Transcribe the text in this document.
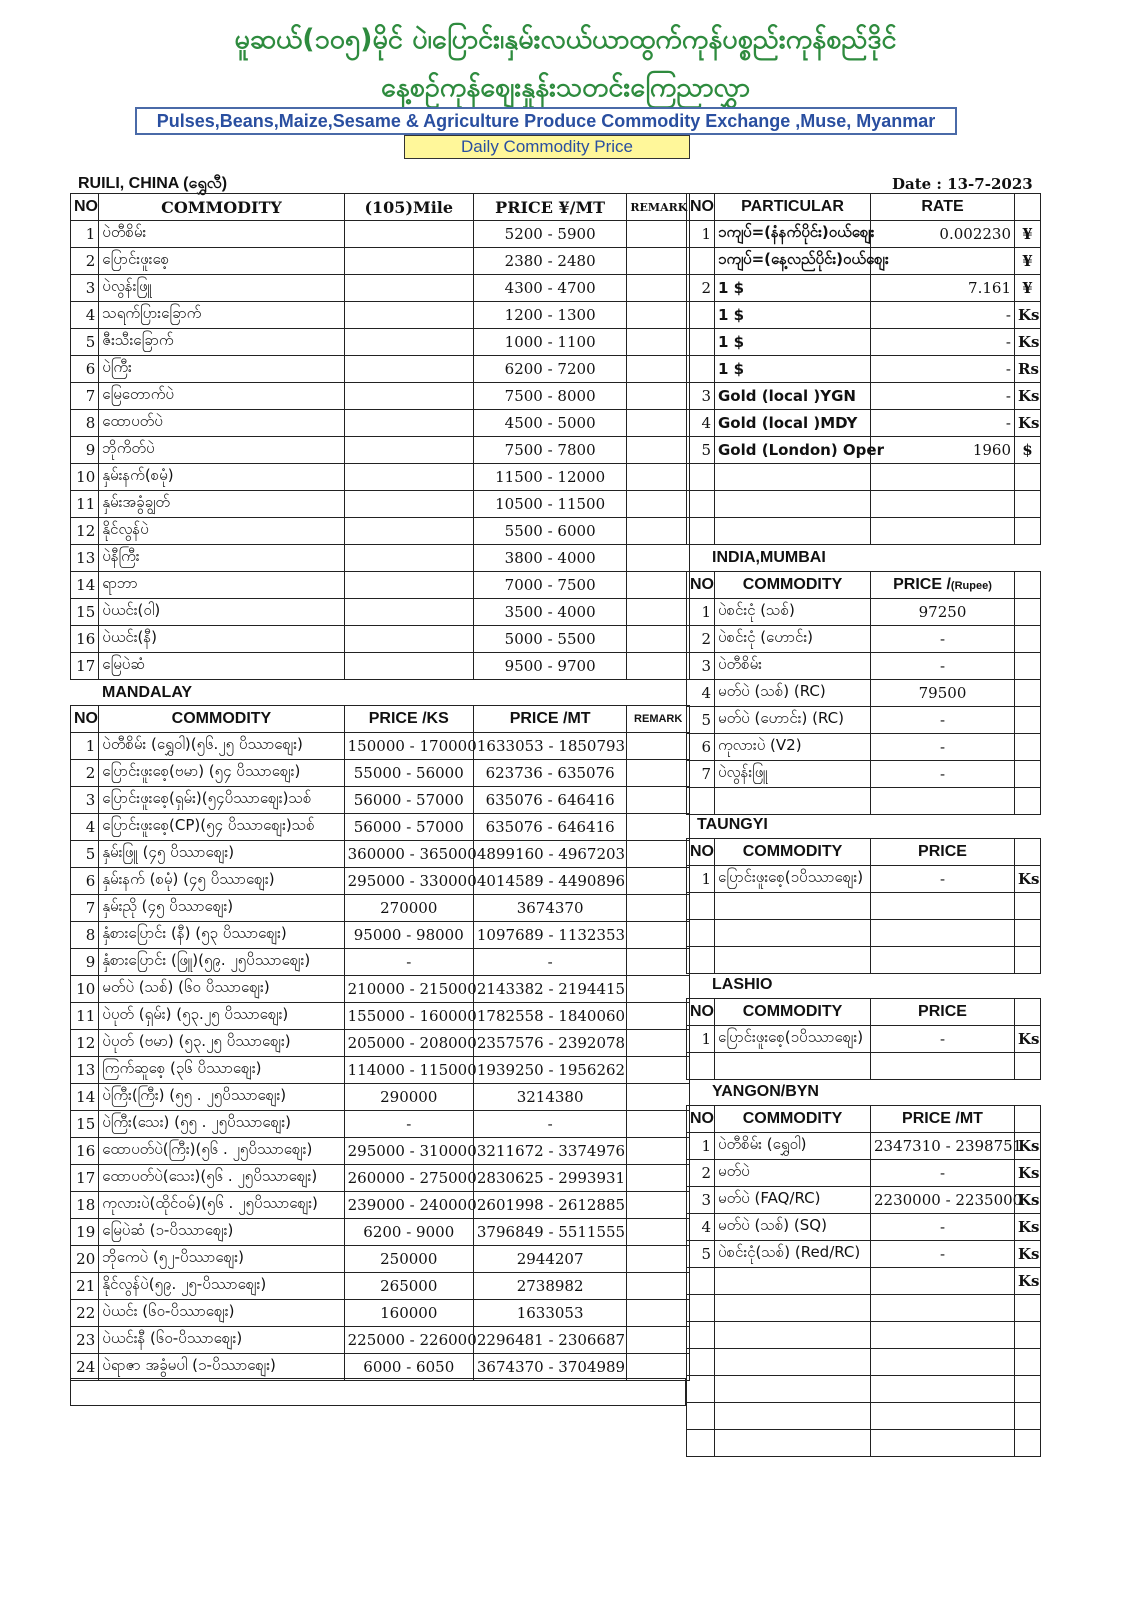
မူဆယ်(၁၀၅)မိုင် ပဲ၊ပြောင်း၊နှမ်းလယ်ယာထွက်ကုန်ပစ္စည်းကုန်စည်ဒိုင်
နေ့စဉ်ကုန်စျေးနှုန်းသတင်းကြေညာလွှာ
Pulses,Beans,Maize,Sesame & Agriculture Produce Commodity Exchange ,Muse, Myanmar
Daily Commodity Price
RUILI, CHINA (ရွှေလီ)	Date : 13-7-2023
NO	COMMODITY	(105)Mile	PRICE ¥/MT	REMARK
1	ပဲတီစိမ်း		5200 - 5900	
2	ပြောင်းဖူးစေ့		2380 - 2480	
3	ပဲလွန်းဖြူ		4300 - 4700	
4	သရက်ပြားခြောက်		1200 - 1300	
5	ဇီးသီးခြောက်		1000 - 1100	
6	ပဲကြီး		6200 - 7200	
7	မြေတောက်ပဲ		7500 - 8000	
8	ထောပတ်ပဲ		4500 - 5000	
9	ဘိုကိတ်ပဲ		7500 - 7800	
10	နှမ်းနက်(စမုံ)		11500 - 12000	
11	နှမ်းအခွံချွတ်		10500 - 11500	
12	နိုင်လွန်ပဲ		5500 - 6000	
13	ပဲနီကြီး		3800 - 4000	
14	ရာဘာ		7000 - 7500	
15	ပဲယင်း(ဝါ)		3500 - 4000	
16	ပဲယင်း(နီ)		5000 - 5500	
17	မြေပဲဆံ		9500 - 9700	
MANDALAY
NO	COMMODITY	PRICE /KS	PRICE /MT	REMARK
1	ပဲတီစိမ်း (ရွှေဝါ)(၅၆.၂၅ ပိဿာစျေး)	150000 - 170000	1633053 - 1850793	
2	ပြောင်းဖူးစေ့(ဗမာ) (၅၄ ပိဿာစျေး)	55000 - 56000	623736 - 635076	
3	ပြောင်းဖူးစေ့(ရှမ်း)(၅၄ပိဿာစျေး)သစ်	56000 - 57000	635076 - 646416	
4	ပြောင်းဖူးစေ့(CP)(၅၄ ပိဿာစျေး)သစ်	56000 - 57000	635076 - 646416	
5	နှမ်းဖြူ (၄၅ ပိဿာစျေး)	360000 - 365000	4899160 - 4967203	
6	နှမ်းနက် (စမုံ) (၄၅ ပိဿာစျေး)	295000 - 330000	4014589 - 4490896	
7	နှမ်းညို (၄၅ ပိဿာစျေး)	270000	3674370	
8	နှံစားပြောင်း (နီ) (၅၃ ပိဿာစျေး)	95000 - 98000	1097689 - 1132353	
9	နှံစားပြောင်း (ဖြူ)(၅၉. ၂၅ပိဿာစျေး)	-	-	
10	မတ်ပဲ (သစ်) (၆၀ ပိဿာစျေး)	210000 - 215000	2143382 - 2194415	
11	ပဲပုတ် (ရှမ်း) (၅၃.၂၅ ပိဿာစျေး)	155000 - 160000	1782558 - 1840060	
12	ပဲပုတ် (ဗမာ) (၅၃.၂၅ ပိဿာစျေး)	205000 - 208000	2357576 - 2392078	
13	ကြက်ဆူစေ့ (၃၆ ပိဿာစျေး)	114000 - 115000	1939250 - 1956262	
14	ပဲကြီး(ကြီး) (၅၅ . ၂၅ပိဿာစျေး)	290000	3214380	
15	ပဲကြီး(သေး) (၅၅ . ၂၅ပိဿာစျေး)	-	-	
16	ထောပတ်ပဲ(ကြီး)(၅၆ . ၂၅ပိဿာစျေး)	295000 - 310000	3211672 - 3374976	
17	ထောပတ်ပဲ(သေး)(၅၆ . ၂၅ပိဿာစျေး)	260000 - 275000	2830625 - 2993931	
18	ကုလားပဲ(ထိုင်ဝမ်)(၅၆ . ၂၅ပိဿာစျေး)	239000 - 240000	2601998 - 2612885	
19	မြေပဲဆံ (၁-ပိဿာစျေး)	6200 - 9000	3796849 - 5511555	
20	ဘိုကေပဲ (၅၂-ပိဿာစျေး)	250000	2944207	
21	နိုင်လွန်ပဲ(၅၉. ၂၅-ပိဿာစျေး)	265000	2738982	
22	ပဲယင်း (၆၀-ပိဿာစျေး)	160000	1633053	
23	ပဲယင်းနီ (၆၀-ပိဿာစျေး)	225000 - 226000	2296481 - 2306687	
24	ပဲရာဇာ အခွံမပါ (၁-ပိဿာစျေး)	6000 - 6050	3674370 - 3704989	
NO	PARTICULAR	RATE	
1	၁ကျပ်=(နံနက်ပိုင်း)ဝယ်စျေး	0.002230	¥
	၁ကျပ်=(နေ့လည်ပိုင်း)ဝယ်စျေး		¥
2	1 $	7.161	¥
	1 $	-	Ks
	1 $	-	Ks
	1 $	-	Rs
3	Gold (local )YGN	-	Ks
4	Gold (local )MDY	-	Ks
5	Gold (London) Oper	1960	$

INDIA,MUMBAI
NO	COMMODITY	PRICE /(Rupee)	
1	ပဲစင်းငုံ (သစ်)	97250	
2	ပဲစင်းငုံ (ဟောင်း)	-	
3	ပဲတီစိမ်း	-	
4	မတ်ပဲ (သစ်) (RC)	79500	
5	မတ်ပဲ (ဟောင်း) (RC)	-	
6	ကုလားပဲ (V2)	-	
7	ပဲလွန်းဖြူ	-	

TAUNGYI
NO	COMMODITY	PRICE	
1	ပြောင်းဖူးစေ့(၁ပိဿာစျေး)	-	Ks

LASHIO
NO	COMMODITY	PRICE	
1	ပြောင်းဖူးစေ့(၁ပိဿာစျေး)	-	Ks

YANGON/BYN
NO	COMMODITY	PRICE /MT	
1	ပဲတီစိမ်း (ရွှေဝါ)	2347310 - 2398751	Ks
2	မတ်ပဲ	-	Ks
3	မတ်ပဲ (FAQ/RC)	2230000 - 2235000	Ks
4	မတ်ပဲ (သစ်) (SQ)	-	Ks
5	ပဲစင်းငုံ(သစ်) (Red/RC)	-	Ks
			Ks
